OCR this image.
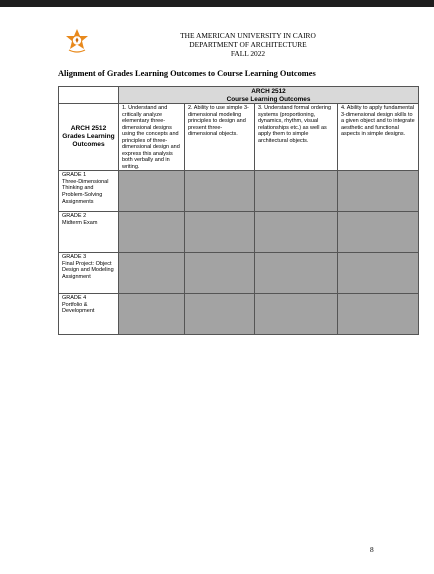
THE AMERICAN UNIVERSITY IN CAIRO
DEPARTMENT OF ARCHITECTURE
FALL 2022
Alignment of Grades Learning Outcomes to Course Learning Outcomes

	ARCH 2512
Course Learning Outcomes			

ARCH 2512 Grades Learning Outcomes	1. Understand and critically analyze elementary three-dimensional designs using the concepts and principles of three-dimensional design and express this analysis both verbally and in writing.	2. Ability to use simple 3-dimensional modeling principles to design and present three-dimensional objects.	3. Understand formal ordering systems (proportioning, dynamics, rhythm, visual relationships etc.) as well as apply them to simple architectural objects.	4. Ability to apply fundamental 3-dimensional design skills to a given object and to integrate aesthetic and functional aspects in simple designs.

GRADE 1
Three-Dimensional Thinking and Problem-Solving Assignments				

GRADE 2
Midterm Exam				

GRADE 3
Final Project: Object Design and Modeling Assignment				

GRADE 4
Portfolio & Development				

8
